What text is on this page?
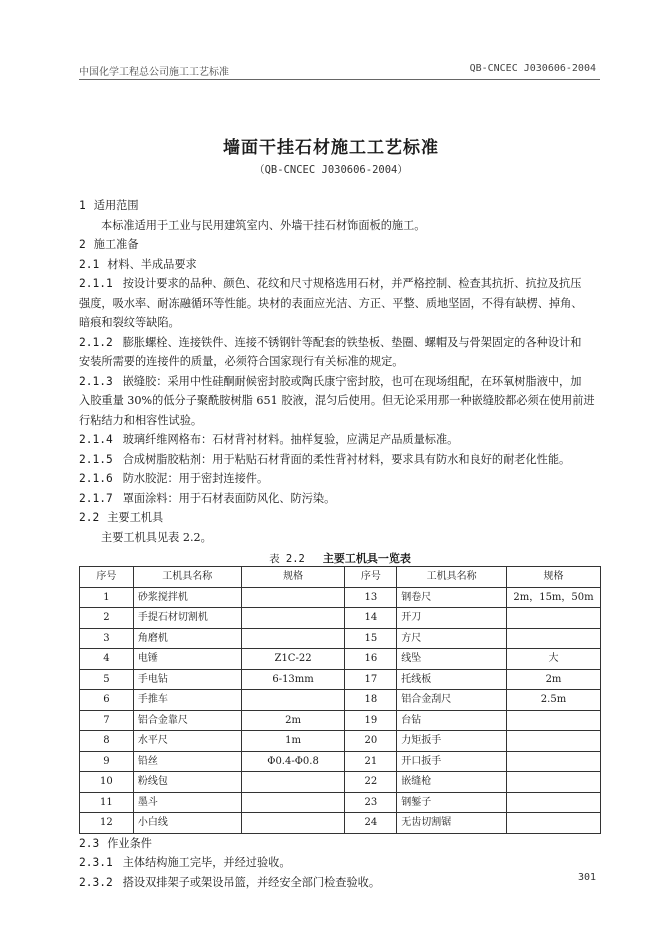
中国化学工程总公司施工工艺标准	QB-CNCEC J030606-2004
墙面干挂石材施工工艺标准
（QB-CNCEC J030606-2004）
1 适用范围
本标准适用于工业与民用建筑室内、外墙干挂石材饰面板的施工。
2 施工准备
2.1 材料、半成品要求
2.1.1 按设计要求的品种、颜色、花纹和尺寸规格选用石材，并严格控制、检查其抗折、抗拉及抗压
强度，吸水率、耐冻融循环等性能。块材的表面应光洁、方正、平整、质地坚固，不得有缺楞、掉角、
暗痕和裂纹等缺陷。
2.1.2 膨胀螺栓、连接铁件、连接不锈钢针等配套的铁垫板、垫圈、螺帽及与骨架固定的各种设计和
安装所需要的连接件的质量，必须符合国家现行有关标准的规定。
2.1.3 嵌缝胶：采用中性硅酮耐候密封胶或陶氏康宁密封胶，也可在现场组配，在环氧树脂液中，加
入胶重量 30%的低分子聚酰胺树脂 651 胶液，混匀后使用。但无论采用那一种嵌缝胶都必须在使用前进
行粘结力和相容性试验。
2.1.4 玻璃纤维网格布：石材背衬材料。抽样复验，应满足产品质量标准。
2.1.5 合成树脂胶粘剂：用于粘贴石材背面的柔性背衬材料，要求具有防水和良好的耐老化性能。
2.1.6 防水胶泥：用于密封连接件。
2.1.7 罩面涂料：用于石材表面防风化、防污染。
2.2 主要工机具
主要工机具见表 2.2。
表 2.2 主要工机具一览表
序号	工机具名称	规格	序号	工机具名称	规格
1	砂浆搅拌机		13	钢卷尺	2m，15m，50m
2	手提石材切割机		14	开刀	
3	角磨机		15	方尺	
4	电锤	Z1C-22	16	线坠	大
5	手电钻	6-13mm	17	托线板	2m
6	手推车		18	铝合金刮尺	2.5m
7	铝合金靠尺	2m	19	台钻	
8	水平尺	1m	20	力矩扳手	
9	铅丝	Φ0.4-Φ0.8	21	开口扳手	
10	粉线包		22	嵌缝枪	
11	墨斗		23	钢錾子	
12	小白线		24	无齿切割锯	
2.3 作业条件
2.3.1 主体结构施工完毕，并经过验收。
2.3.2 搭设双排架子或架设吊篮，并经安全部门检查验收。	301
